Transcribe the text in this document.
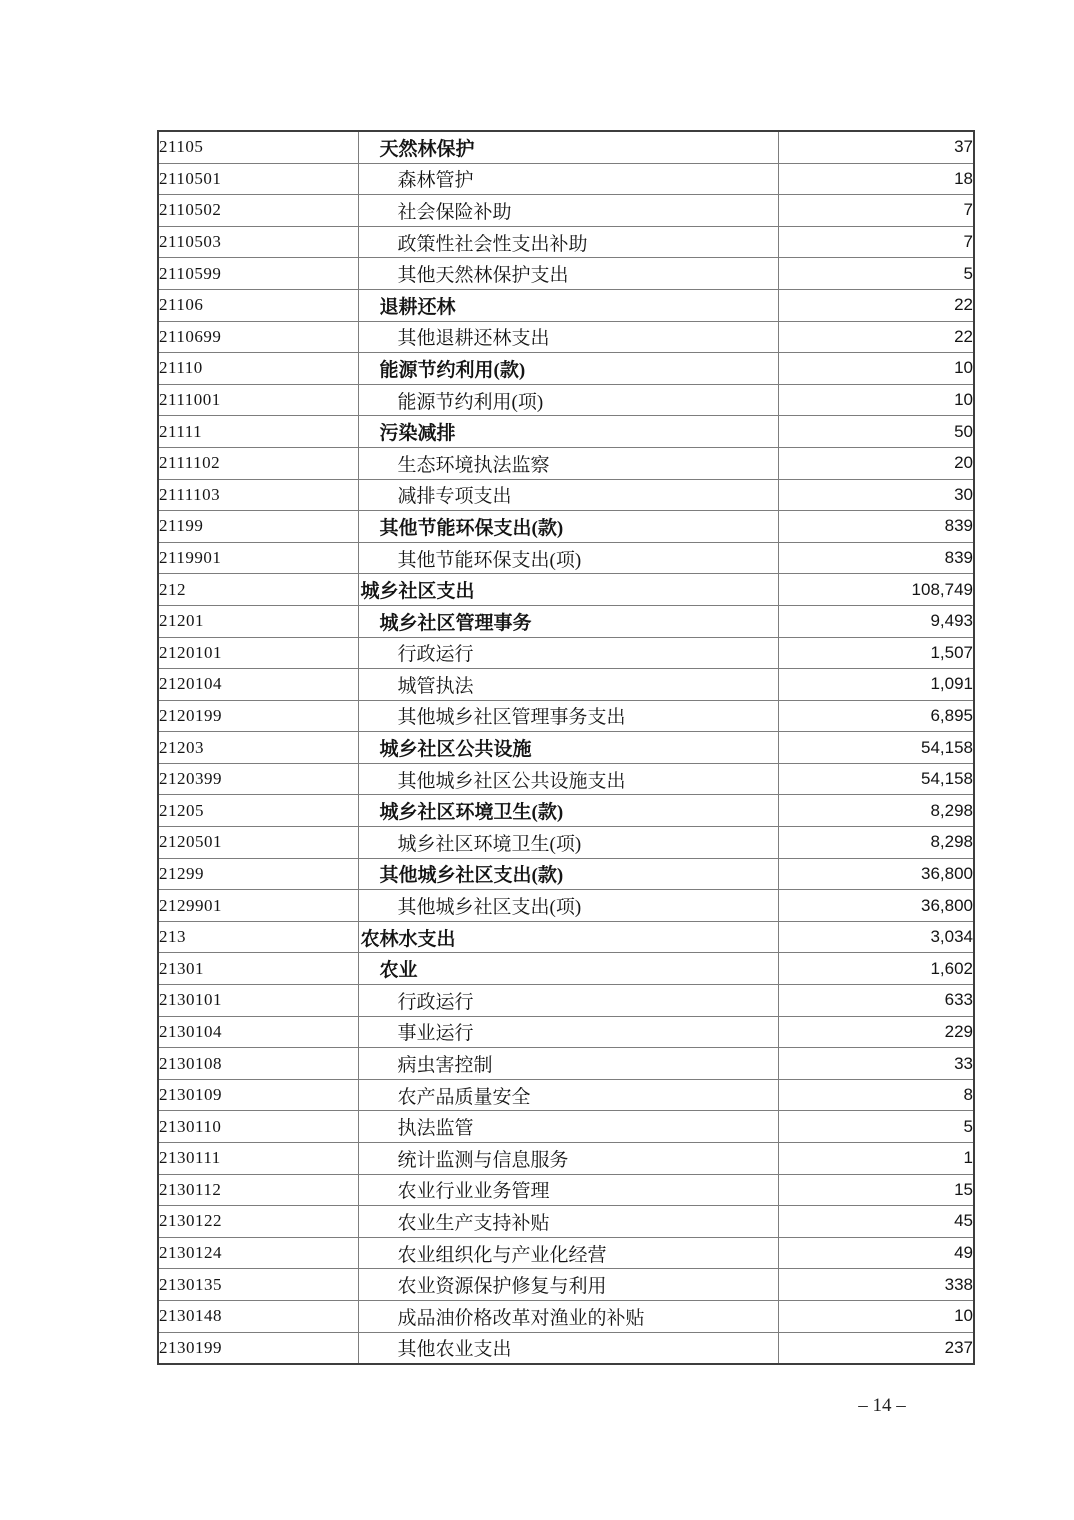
21105	天然林保护	37
2110501	森林管护	18
2110502	社会保险补助	7
2110503	政策性社会性支出补助	7
2110599	其他天然林保护支出	5
21106	退耕还林	22
2110699	其他退耕还林支出	22
21110	能源节约利用(款)	10
2111001	能源节约利用(项)	10
21111	污染减排	50
2111102	生态环境执法监察	20
2111103	减排专项支出	30
21199	其他节能环保支出(款)	839
2119901	其他节能环保支出(项)	839
212	城乡社区支出	108,749
21201	城乡社区管理事务	9,493
2120101	行政运行	1,507
2120104	城管执法	1,091
2120199	其他城乡社区管理事务支出	6,895
21203	城乡社区公共设施	54,158
2120399	其他城乡社区公共设施支出	54,158
21205	城乡社区环境卫生(款)	8,298
2120501	城乡社区环境卫生(项)	8,298
21299	其他城乡社区支出(款)	36,800
2129901	其他城乡社区支出(项)	36,800
213	农林水支出	3,034
21301	农业	1,602
2130101	行政运行	633
2130104	事业运行	229
2130108	病虫害控制	33
2130109	农产品质量安全	8
2130110	执法监管	5
2130111	统计监测与信息服务	1
2130112	农业行业业务管理	15
2130122	农业生产支持补贴	45
2130124	农业组织化与产业化经营	49
2130135	农业资源保护修复与利用	338
2130148	成品油价格改革对渔业的补贴	10
2130199	其他农业支出	237
– 14 –
